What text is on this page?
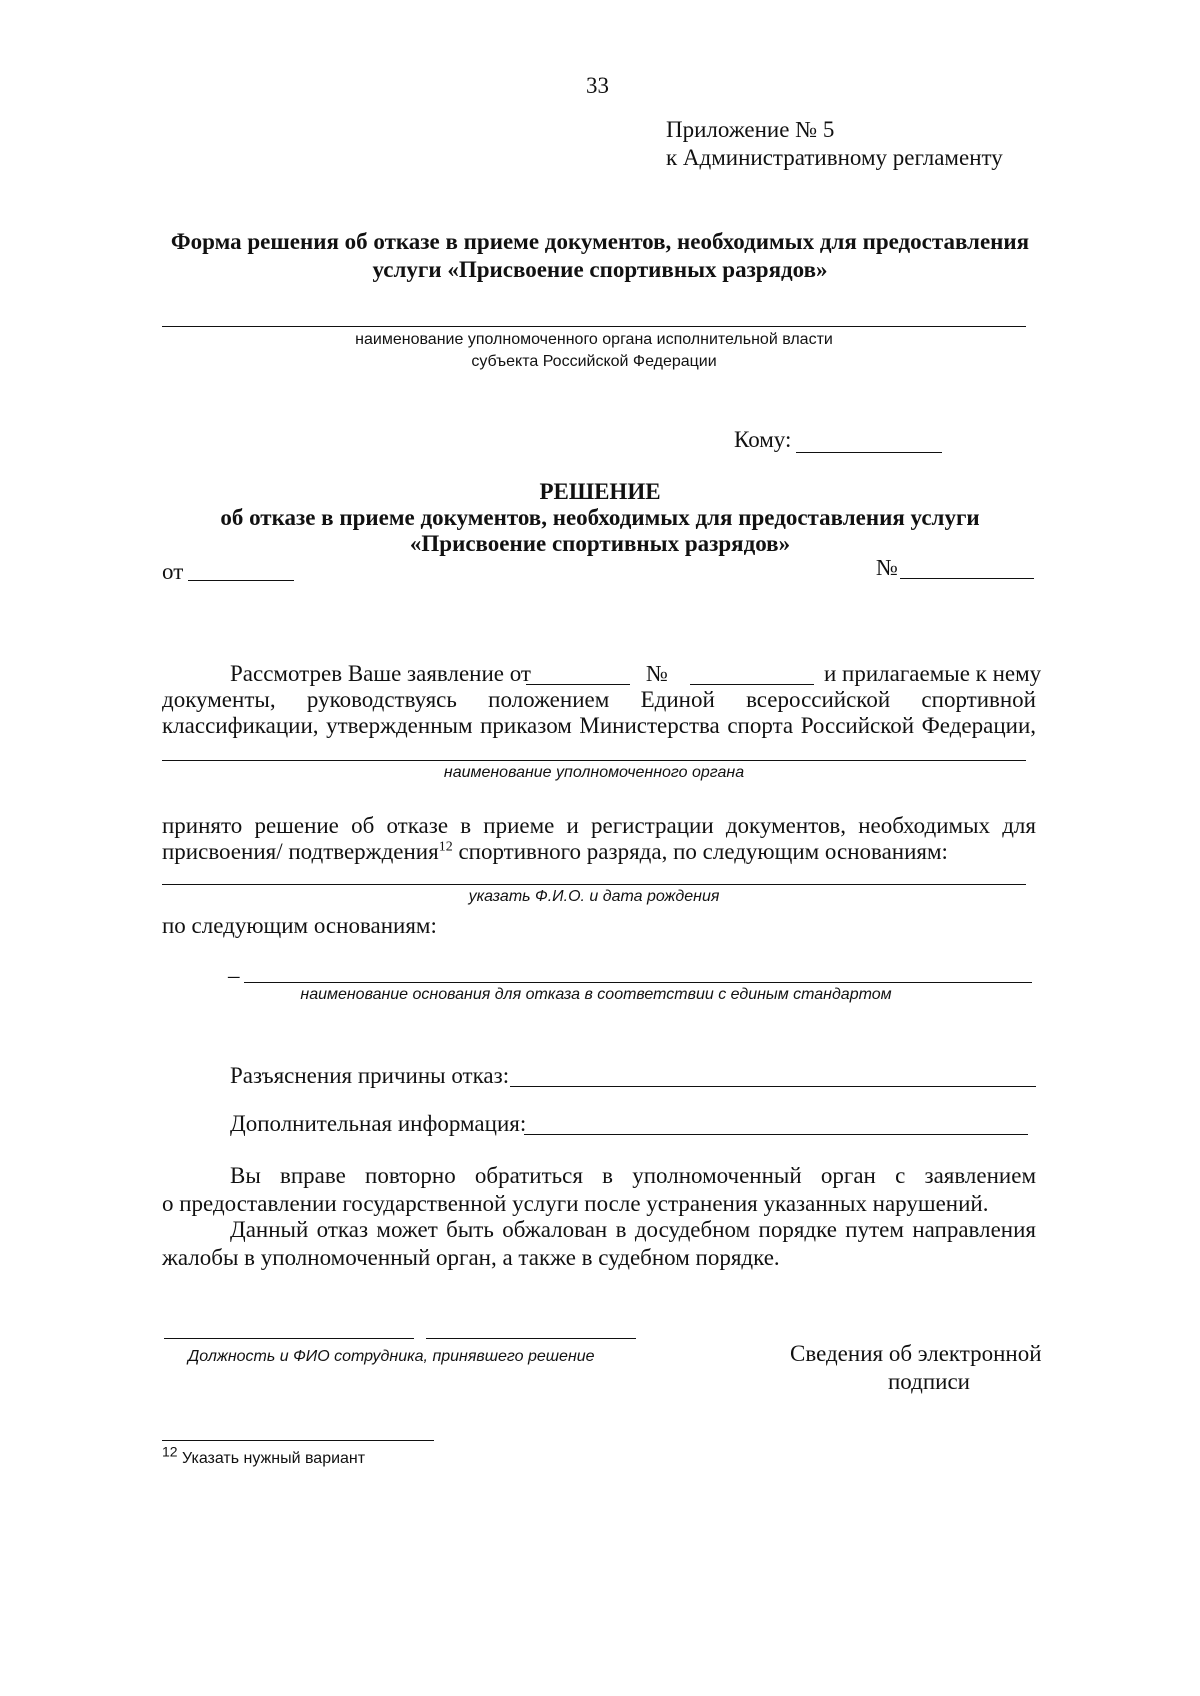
33
Приложение № 5
к Административному регламенту
Форма решения об отказе в приеме документов, необходимых для предоставления
услуги «Присвоение спортивных разрядов»
наименование уполномоченного органа исполнительной власти
субъекта Российской Федерации
Кому:
РЕШЕНИЕ
об отказе в приеме документов, необходимых для предоставления услуги
«Присвоение спортивных разрядов»
от	№
Рассмотрев Ваше заявление от	№	и прилагаемые к нему
документы, руководствуясь положением Единой всероссийской спортивной
классификации, утвержденным приказом Министерства спорта Российской Федерации,
наименование уполномоченного органа
принято решение об отказе в приеме и регистрации документов, необходимых для
присвоения/ подтверждения$^{12}$ спортивного разряда, по следующим основаниям:
указать Ф.И.О. и дата рождения
по следующим основаниям:
–
наименование основания для отказа в соответствии с единым стандартом
Разъяснения причины отказ:
Дополнительная информация:
Вы вправе повторно обратиться в уполномоченный орган с заявлением
о предоставлении государственной услуги после устранения указанных нарушений.
Данный отказ может быть обжалован в досудебном порядке путем направления
жалобы в уполномоченный орган, а также в судебном порядке.
Должность и ФИО сотрудника, принявшего решение	Сведения об электронной
подписи
$^{12}$ Указать нужный вариант
